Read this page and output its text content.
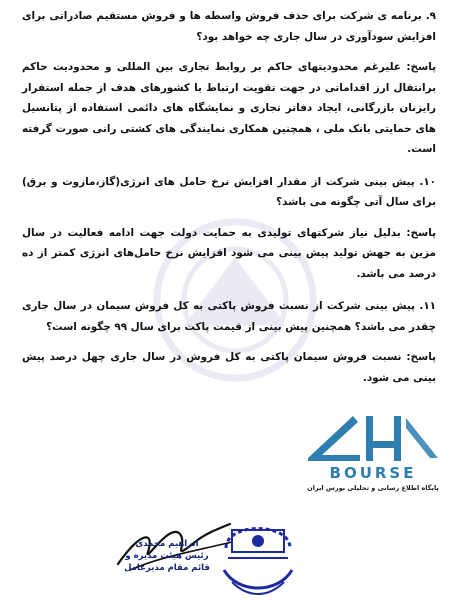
۹. برنامه ی شرکت برای حذف فروش واسطه ها و فروش مستقیم صادراتی برای افزایش سودآوری در سال جاری چه خواهد بود؟

پاسخ:علیرغم محدودیتهای حاکم بر روابط تجاری بین المللی و محدودیت حاکم برانتقال ارز اقداماتی در جهت تقویت ارتباط با کشورهای هدف از جمله استقرار رایزنان بازرگانی، ایجاد دفاتر تجاری و نمایشگاه های دائمی استفاده از پتانسیل های حمایتی بانک ملی ، همچنین همکاری نمایندگی های کشتی رانی صورت گرفته است.

۱۰. پیش بینی شرکت از مقدار افزایش نرخ حامل های انرژی(گاز،مازوت و برق) برای سال آتی چگونه می باشد؟

پاسخ:بدلیل نیاز شرکتهای تولیدی به حمایت دولت جهت ادامه فعالیت در سال مزین به جهش تولید پیش بینی می شود افزایش نرخ حامل‌های انرژی کمتر از ده درصد می باشد.

۱۱. پیش بینی شرکت از نسبت فروش پاکتی به کل فروش سیمان در سال جاری چقدر می باشد؟ همچنین پیش بینی از قیمت پاکت برای سال ۹۹ چگونه است؟

پاسخ:نسبت فروش سیمان پاکتی به کل فروش در سال جاری چهل درصد پیش بینی می شود.

BOURSE
پایگاه اطلاع رسانی و تحلیلی بورس ایران
ابراهیم محمدی
رئیس هیئت مدیره و
قائم مقام مدیرعامل
